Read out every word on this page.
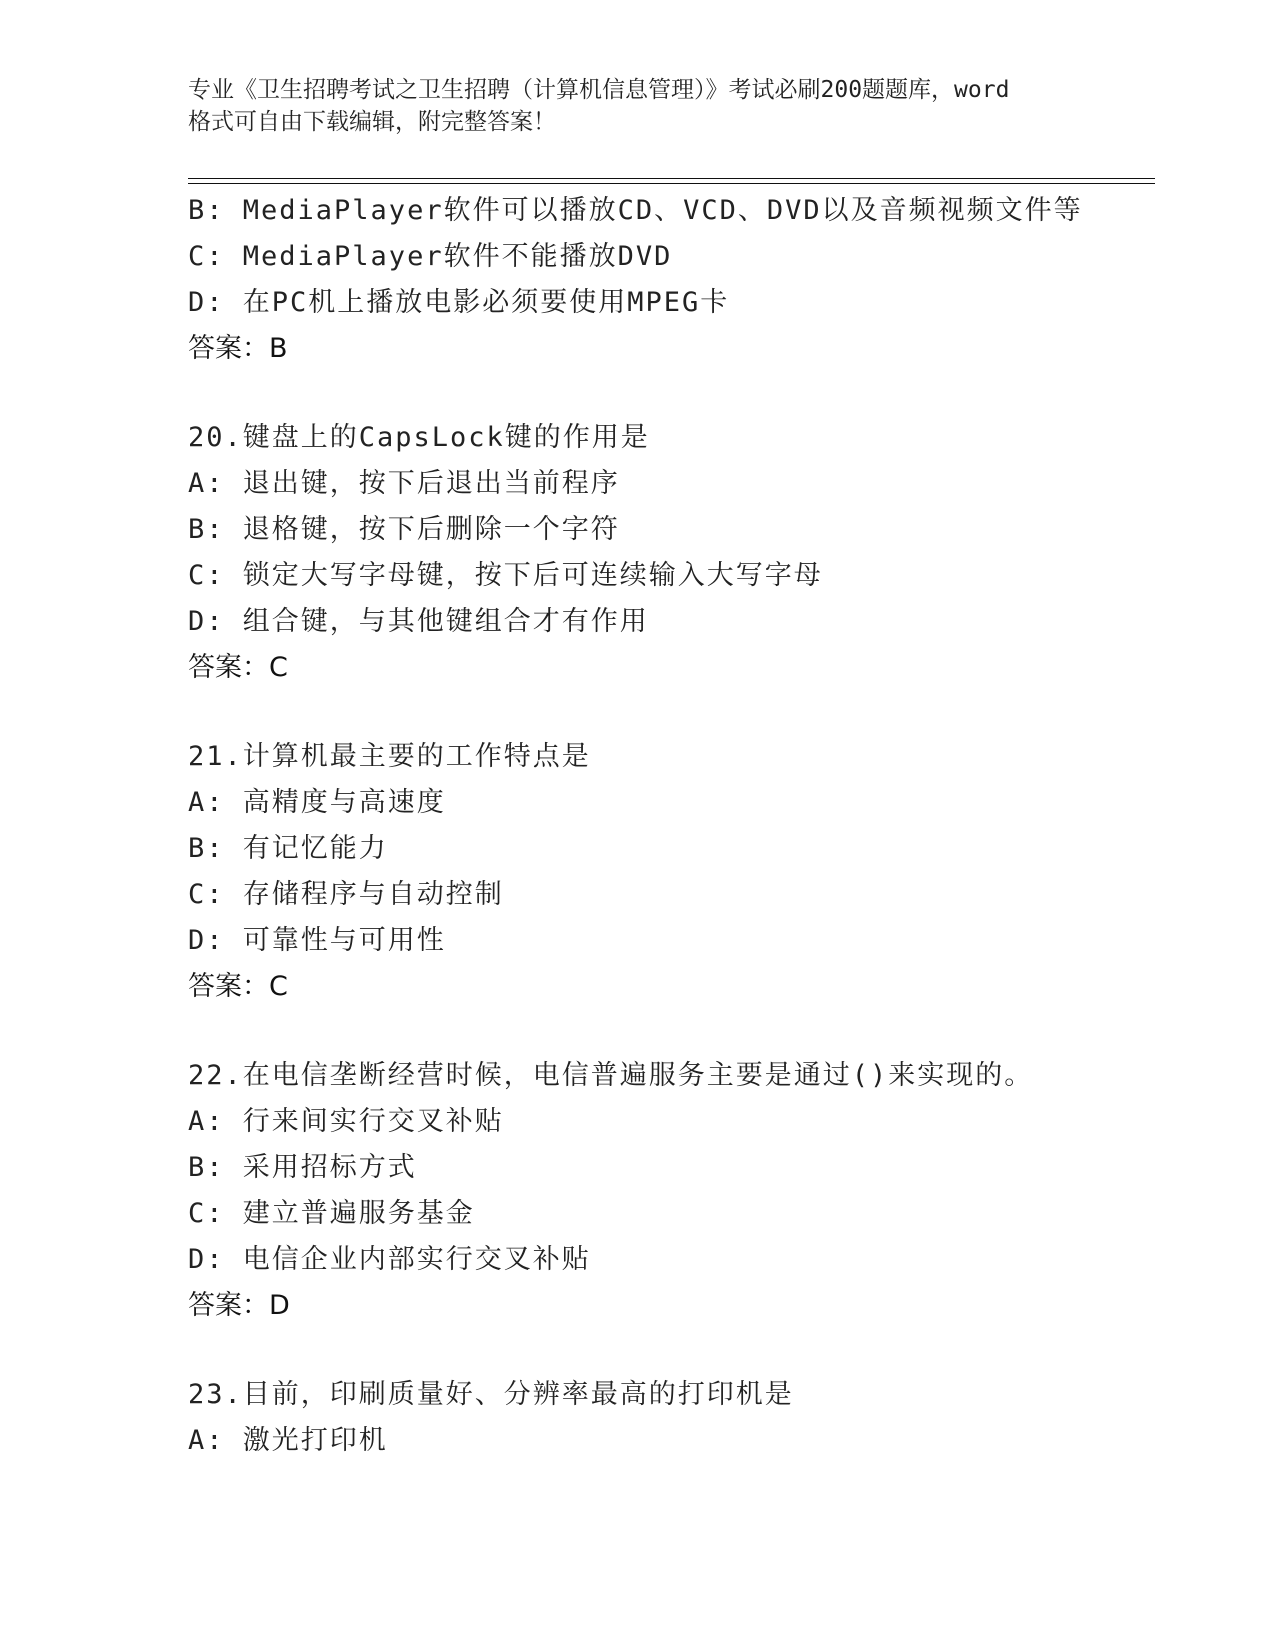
专业《卫生招聘考试之卫生招聘（计算机信息管理）》考试必刷200题题库，word
格式可自由下载编辑，附完整答案！
B: MediaPlayer软件可以播放CD、VCD、DVD以及音频视频文件等
C: MediaPlayer软件不能播放DVD
D: 在PC机上播放电影必须要使用MPEG卡
答案：B
20.键盘上的CapsLock键的作用是
A: 退出键，按下后退出当前程序
B: 退格键，按下后删除一个字符
C: 锁定大写字母键，按下后可连续输入大写字母
D: 组合键，与其他键组合才有作用
答案：C
21.计算机最主要的工作特点是
A: 高精度与高速度
B: 有记忆能力
C: 存储程序与自动控制
D: 可靠性与可用性
答案：C
22.在电信垄断经营时候，电信普遍服务主要是通过()来实现的。
A: 行来间实行交叉补贴
B: 采用招标方式
C: 建立普遍服务基金
D: 电信企业内部实行交叉补贴
答案：D
23.目前，印刷质量好、分辨率最高的打印机是
A: 激光打印机
